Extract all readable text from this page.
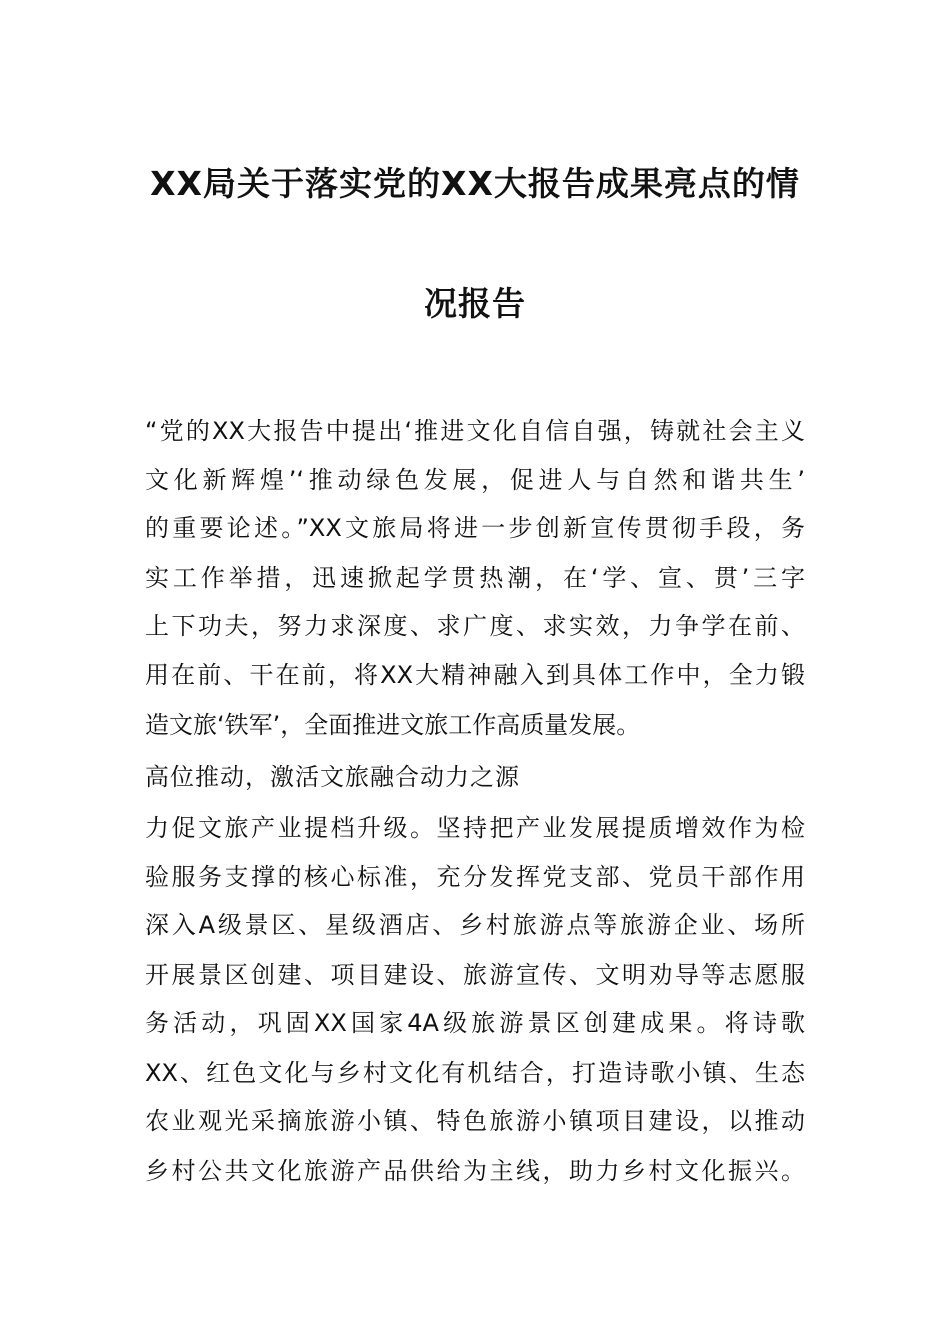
XX局关于落实党的XX大报告成果亮点的情
况报告
“党的XX大报告中提出‘推进文化自信自强，铸就社会主义
文化新辉煌’‘推动绿色发展，促进人与自然和谐共生’
的重要论述。”XX文旅局将进一步创新宣传贯彻手段，务
实工作举措，迅速掀起学贯热潮，在‘学、宣、贯’三字
上下功夫，努力求深度、求广度、求实效，力争学在前、
用在前、干在前，将XX大精神融入到具体工作中，全力锻
造文旅‘铁军’，全面推进文旅工作高质量发展。
高位推动，激活文旅融合动力之源
力促文旅产业提档升级。坚持把产业发展提质增效作为检
验服务支撑的核心标准，充分发挥党支部、党员干部作用
深入A级景区、星级酒店、乡村旅游点等旅游企业、场所
开展景区创建、项目建设、旅游宣传、文明劝导等志愿服
务活动，巩固XX国家4A级旅游景区创建成果。将诗歌
XX、红色文化与乡村文化有机结合，打造诗歌小镇、生态
农业观光采摘旅游小镇、特色旅游小镇项目建设，以推动
乡村公共文化旅游产品供给为主线，助力乡村文化振兴。
